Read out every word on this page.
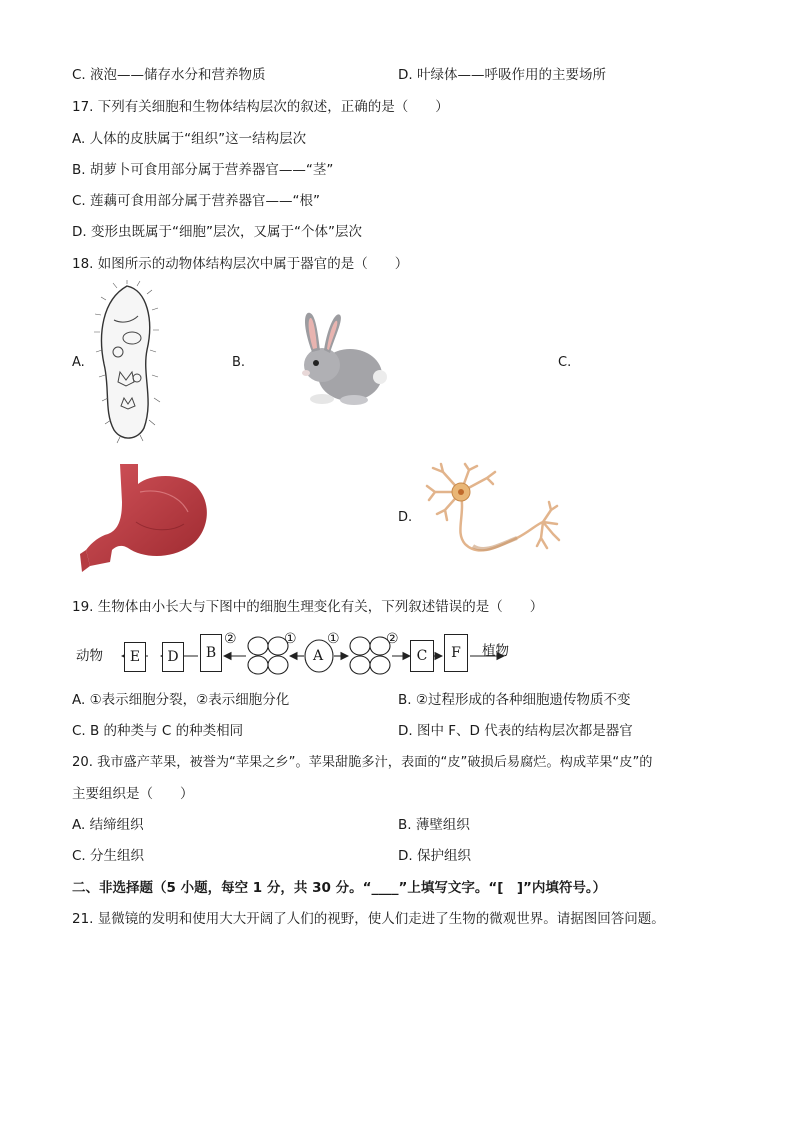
C. 液泡——储存水分和营养物质	D. 叶绿体——呼吸作用的主要场所
17. 下列有关细胞和生物体结构层次的叙述，正确的是（　　）
A. 人体的皮肤属于“组织”这一结构层次
B. 胡萝卜可食用部分属于营养器官——“茎”
C. 莲藕可食用部分属于营养器官——“根”
D. 变形虫既属于“细胞”层次，又属于“个体”层次
18. 如图所示的动物体结构层次中属于器官的是（　　）
A.	B.	C.
D.
19. 生物体由小长大与下图中的细胞生理变化有关，下列叙述错误的是（　　）
动物	E	D	B
②	①
A
①	②
C	F	植物
A. ①表示细胞分裂，②表示细胞分化	B. ②过程形成的各种细胞遗传物质不变
C. B 的种类与 C 的种类相同	D. 图中 F、D 代表的结构层次都是器官
20. 我市盛产苹果，被誉为“苹果之乡”。苹果甜脆多汁，表面的“皮”破损后易腐烂。构成苹果“皮”的
主要组织是（　　）
A. 结缔组织	B. 薄壁组织
C. 分生组织	D. 保护组织
二、非选择题（5 小题，每空 1 分，共 30 分。“____”上填写文字。“[　]”内填符号。）
21. 显微镜的发明和使用大大开阔了人们的视野，使人们走进了生物的微观世界。请据图回答问题。
